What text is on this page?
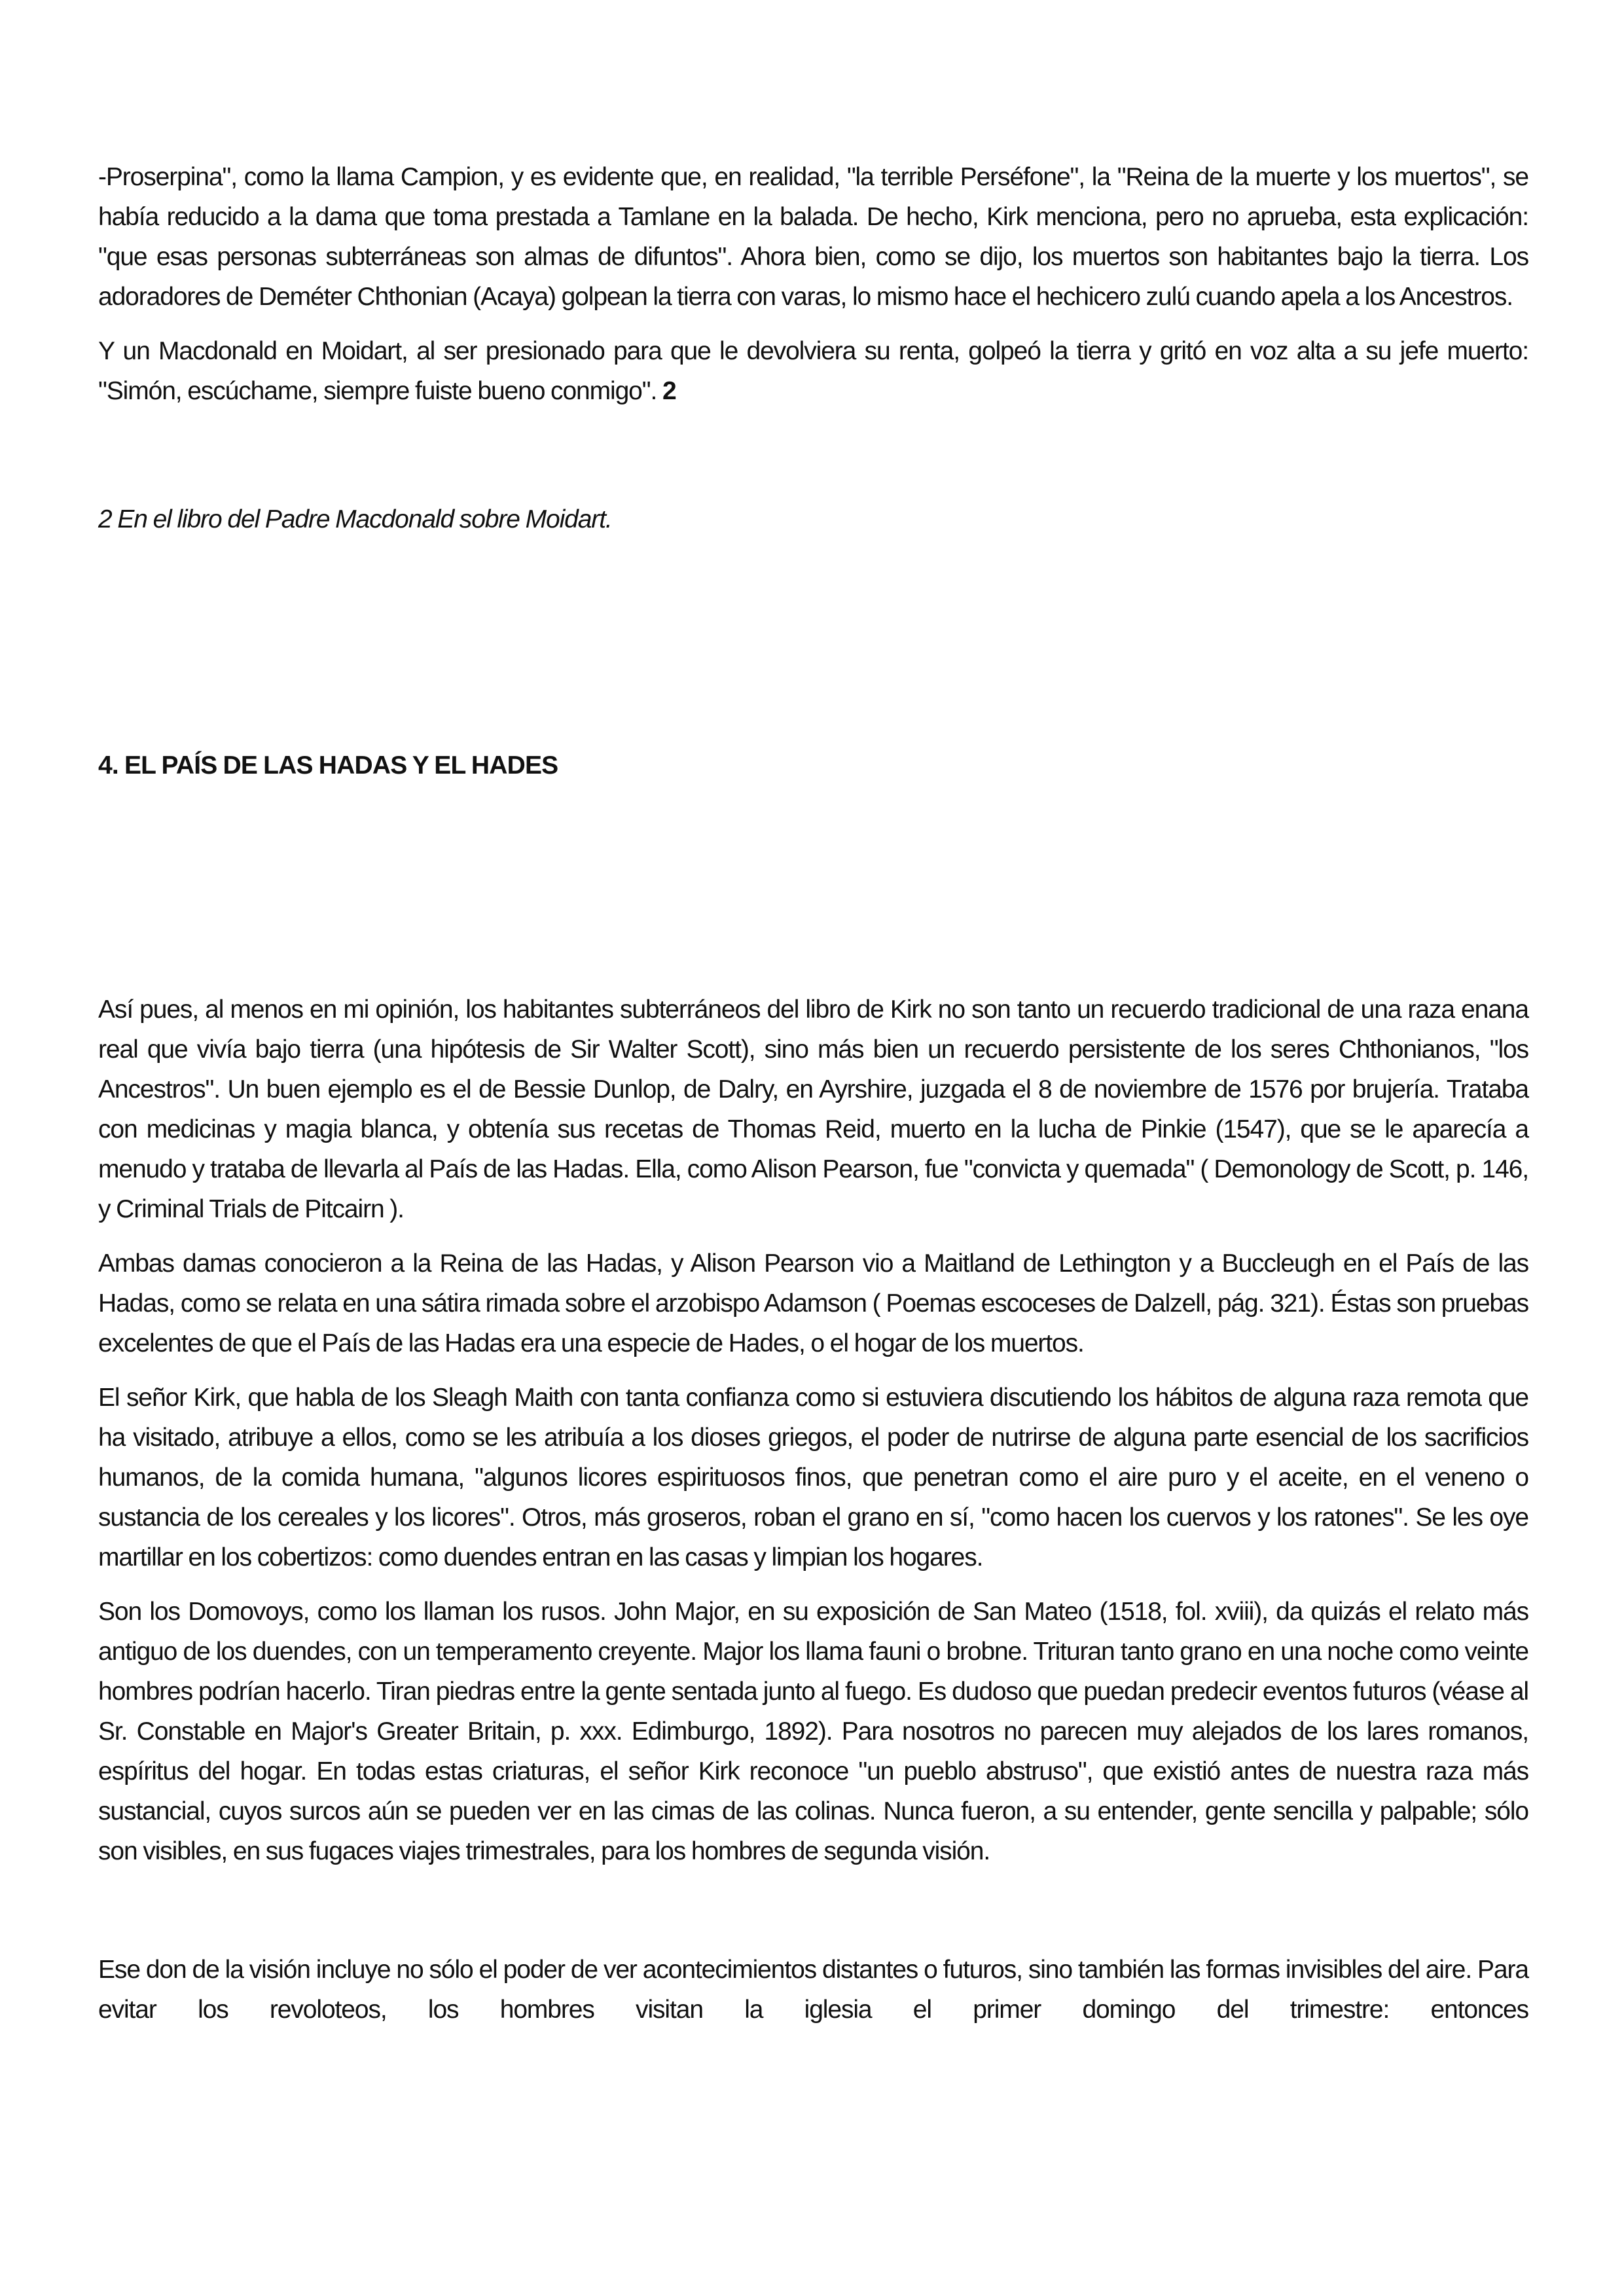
-Proserpina", como la llama Campion, y es evidente que, en realidad, "la terrible Perséfone", la "Reina de la muerte y los muertos", se había reducido a la dama que toma prestada a Tamlane en la balada. De hecho, Kirk menciona, pero no aprueba, esta explicación: "que esas personas subterráneas son almas de difuntos". Ahora bien, como se dijo, los muertos son habitantes bajo la tierra. Los adoradores de Deméter Chthonian (Acaya) golpean la tierra con varas, lo mismo hace el hechicero zulú cuando apela a los Ancestros.

Y un Macdonald en Moidart, al ser presionado para que le devolviera su renta, golpeó la tierra y gritó en voz alta a su jefe muerto: "Simón, escúchame, siempre fuiste bueno conmigo". 2

2 En el libro del Padre Macdonald sobre Moidart.

4. EL PAÍS DE LAS HADAS Y EL HADES

Así pues, al menos en mi opinión, los habitantes subterráneos del libro de Kirk no son tanto un recuerdo tradicional de una raza enana real que vivía bajo tierra (una hipótesis de Sir Walter Scott), sino más bien un recuerdo persistente de los seres Chthonianos, "los Ancestros". Un buen ejemplo es el de Bessie Dunlop, de Dalry, en Ayrshire, juzgada el 8 de noviembre de 1576 por brujería. Trataba con medicinas y magia blanca, y obtenía sus recetas de Thomas Reid, muerto en la lucha de Pinkie (1547), que se le aparecía a menudo y trataba de llevarla al País de las Hadas. Ella, como Alison Pearson, fue "convicta y quemada" ( Demonology de Scott, p. 146, y Criminal Trials de Pitcairn ).

Ambas damas conocieron a la Reina de las Hadas, y Alison Pearson vio a Maitland de Lethington y a Buccleugh en el País de las Hadas, como se relata en una sátira rimada sobre el arzobispo Adamson ( Poemas escoceses de Dalzell, pág. 321). Éstas son pruebas excelentes de que el País de las Hadas era una especie de Hades, o el hogar de los muertos.

El señor Kirk, que habla de los Sleagh Maith con tanta confianza como si estuviera discutiendo los hábitos de alguna raza remota que ha visitado, atribuye a ellos, como se les atribuía a los dioses griegos, el poder de nutrirse de alguna parte esencial de los sacrificios humanos, de la comida humana, "algunos licores espirituosos finos, que penetran como el aire puro y el aceite, en el veneno o sustancia de los cereales y los licores". Otros, más groseros, roban el grano en sí, "como hacen los cuervos y los ratones". Se les oye martillar en los cobertizos: como duendes entran en las casas y limpian los hogares.

Son los Domovoys, como los llaman los rusos. John Major, en su exposición de San Mateo (1518, fol. xviii), da quizás el relato más antiguo de los duendes, con un temperamento creyente. Major los llama fauni o brobne. Trituran tanto grano en una noche como veinte hombres podrían hacerlo. Tiran piedras entre la gente sentada junto al fuego. Es dudoso que puedan predecir eventos futuros (véase al Sr. Constable en Major's Greater Britain, p. xxx. Edimburgo, 1892). Para nosotros no parecen muy alejados de los lares romanos, espíritus del hogar. En todas estas criaturas, el señor Kirk reconoce "un pueblo abstruso", que existió antes de nuestra raza más sustancial, cuyos surcos aún se pueden ver en las cimas de las colinas. Nunca fueron, a su entender, gente sencilla y palpable; sólo son visibles, en sus fugaces viajes trimestrales, para los hombres de segunda visión.

Ese don de la visión incluye no sólo el poder de ver acontecimientos distantes o futuros, sino también las formas invisibles del aire. Para evitar los revoloteos, los hombres visitan la iglesia el primer domingo del trimestre: entonces
